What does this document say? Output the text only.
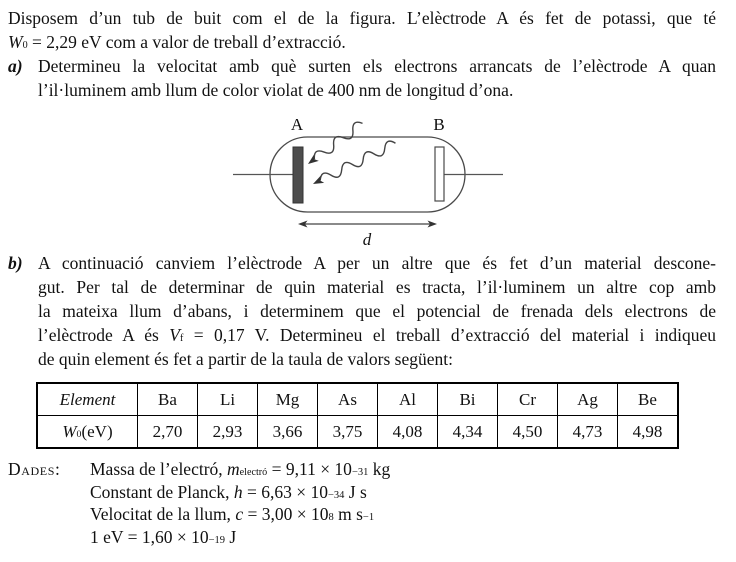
Disposem d’un tub de buit com el de la figura. L’elèctrode A és fet de potassi, que té
$W_0 = 2,29$ eV com a valor de treball d’extracció.
a) Determineu la velocitat amb què surten els electrons arrancats de l’elèctrode A quan
l’il·luminem amb llum de color violat de 400 nm de longitud d’ona.
A	B
d
b) A continuació canviem l’elèctrode A per un altre que és fet d’un material descone-
gut. Per tal de determinar de quin material es tracta, l’il·luminem un altre cop amb
la mateixa llum d’abans, i determinem que el potencial de frenada dels electrons de
l’elèctrode A és $V_f = 0,17$ V. Determineu el treball d’extracció del material i indiqueu
de quin element és fet a partir de la taula de valors següent:
Element	Ba	Li	Mg	As	Al	Bi	Cr	Ag	Be
$W_0(eV)$	2,70	2,93	3,66	3,75	4,08	4,34	4,50	4,73	4,98
Dades:	Massa de l’electró, $m_{electró} = 9,11 \times 10^{-31}$ kg
Constant de Planck, $h = 6,63 \times 10^{-34}$ J s
Velocitat de la llum, $c = 3,00 \times 10^8$ m $s^{-1}$
1 eV = $1,60 \times 10^{-19}$ J
